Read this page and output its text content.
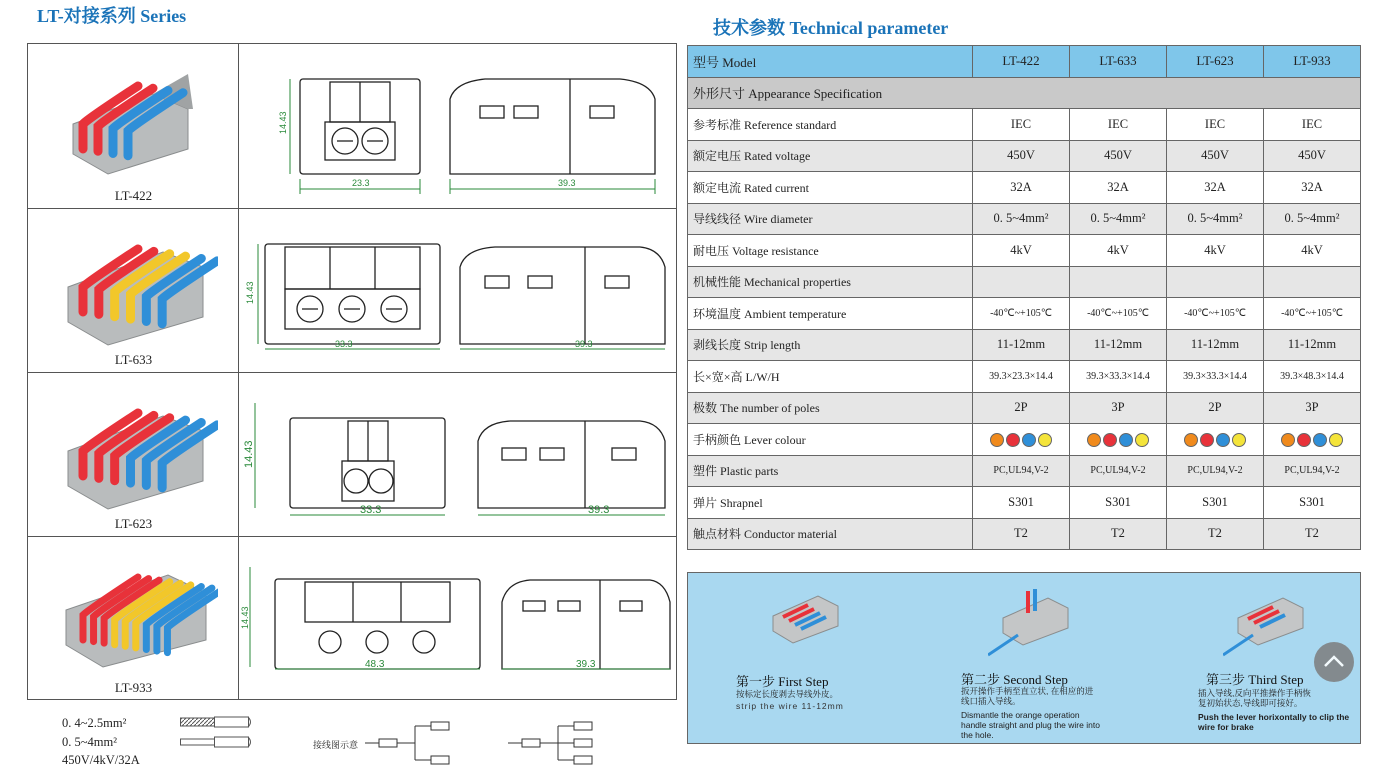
LT-对接系列 Series
技术参数 Technical parameter
LT-422
23.3	39.3
14.43
LT-633
33.3	39.3
14.43
LT-623
33.3	39.3
14.43
LT-933
48.3	39.3
14.43
型号 Model	LT-422	LT-633	LT-623	LT-933
外形尺寸 Appearance Specification				
参考标准 Reference standard	IEC	IEC	IEC	IEC
额定电压 Rated voltage	450V	450V	450V	450V
额定电流 Rated current	32A	32A	32A	32A
导线线径 Wire diameter	0. 5~4mm²	0. 5~4mm²	0. 5~4mm²	0. 5~4mm²
耐电压 Voltage resistance	4kV	4kV	4kV	4kV
机械性能 Mechanical properties				
环境温度 Ambient temperature	-40℃~+105℃	-40℃~+105℃	-40℃~+105℃	-40℃~+105℃
剥线长度 Strip length	11-12mm	11-12mm	11-12mm	11-12mm
长×宽×高 L/W/H	39.3×23.3×14.4	39.3×33.3×14.4	39.3×33.3×14.4	39.3×48.3×14.4
极数 The number of poles	2P	3P	2P	3P
手柄颜色 Lever colour	

塑件 Plastic parts	PC,UL94,V-2	PC,UL94,V-2	PC,UL94,V-2	PC,UL94,V-2
弹片 Shrapnel	S301	S301	S301	S301
触点材料 Conductor material	T2	T2	T2	T2
第一步 First Step
按标定长度剥去导线外皮。
strip the wire 11-12mm
第二步 Second Step
扳开操作手柄至直立状, 在相应的进线口插入导线。
Dismantle the orange operation handle straight and plug the wire into the hole.
第三步 Third Step
插入导线,反向平推操作手柄恢复初始状态,导线即可接好。
Push the lever horixontally to clip the wire for brake
0. 4~2.5mm²
0. 5~4mm²
450V/4kV/32A
接线图示意
